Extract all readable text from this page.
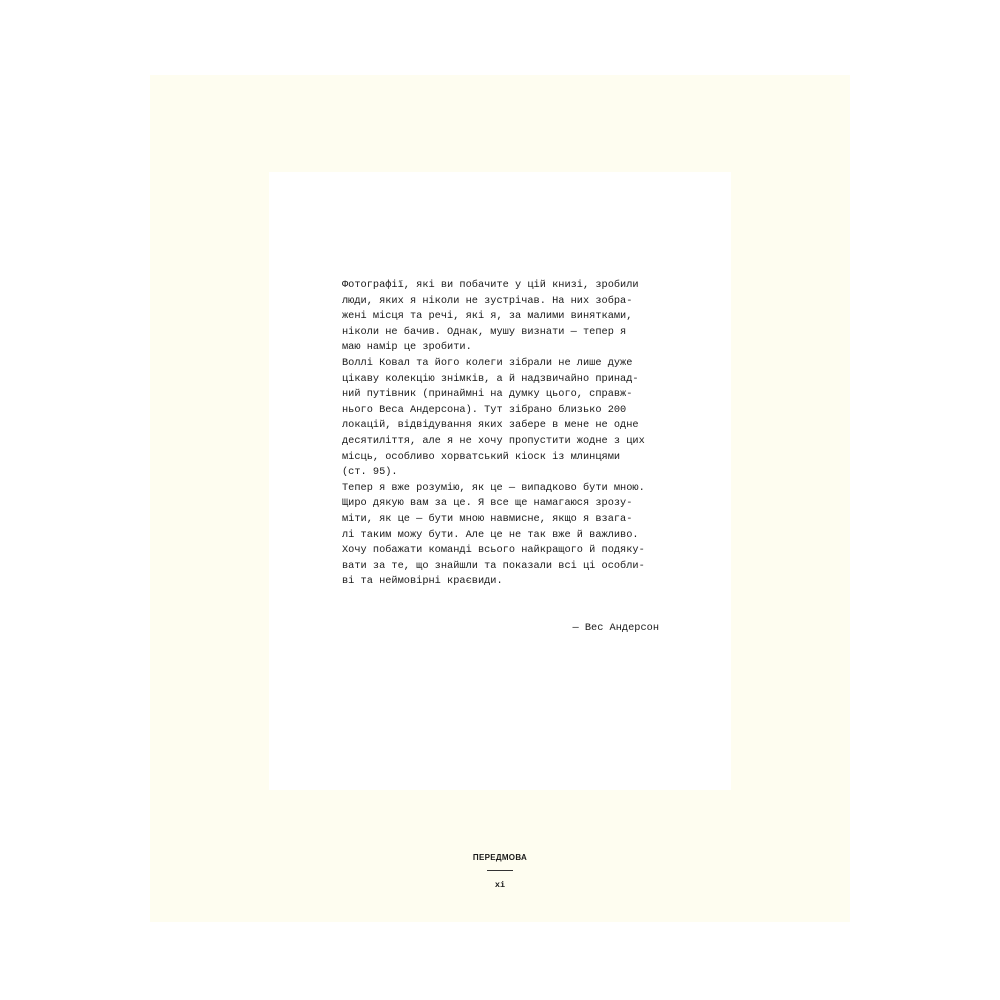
Фотографії, які ви побачите у цій книзі, зробили
люди, яких я ніколи не зустрічав. На них зобра-
жені місця та речі, які я, за малими винятками,
ніколи не бачив. Однак, мушу визнати — тепер я
маю намір це зробити.
Воллі Ковал та його колеги зібрали не лише дуже
цікаву колекцію знімків, а й надзвичайно принад-
ний путівник (принаймні на думку цього, справж-
нього Веса Андерсона). Тут зібрано близько 200
локацій, відвідування яких забере в мене не одне
десятиліття, але я не хочу пропустити жодне з цих
місць, особливо хорватський кіоск із млинцями
(ст. 95).
Тепер я вже розумію, як це — випадково бути мною.
Щиро дякую вам за це. Я все ще намагаюся зрозу-
міти, як це — бути мною навмисне, якщо я взага-
лі таким можу бути. Але це не так вже й важливо.
Хочу побажати команді всього найкращого й подяку-
вати за те, що знайшли та показали всі ці особли-
ві та неймовірні краєвиди.
— Вес Андерсон
ПЕРЕДМОВА
xi
